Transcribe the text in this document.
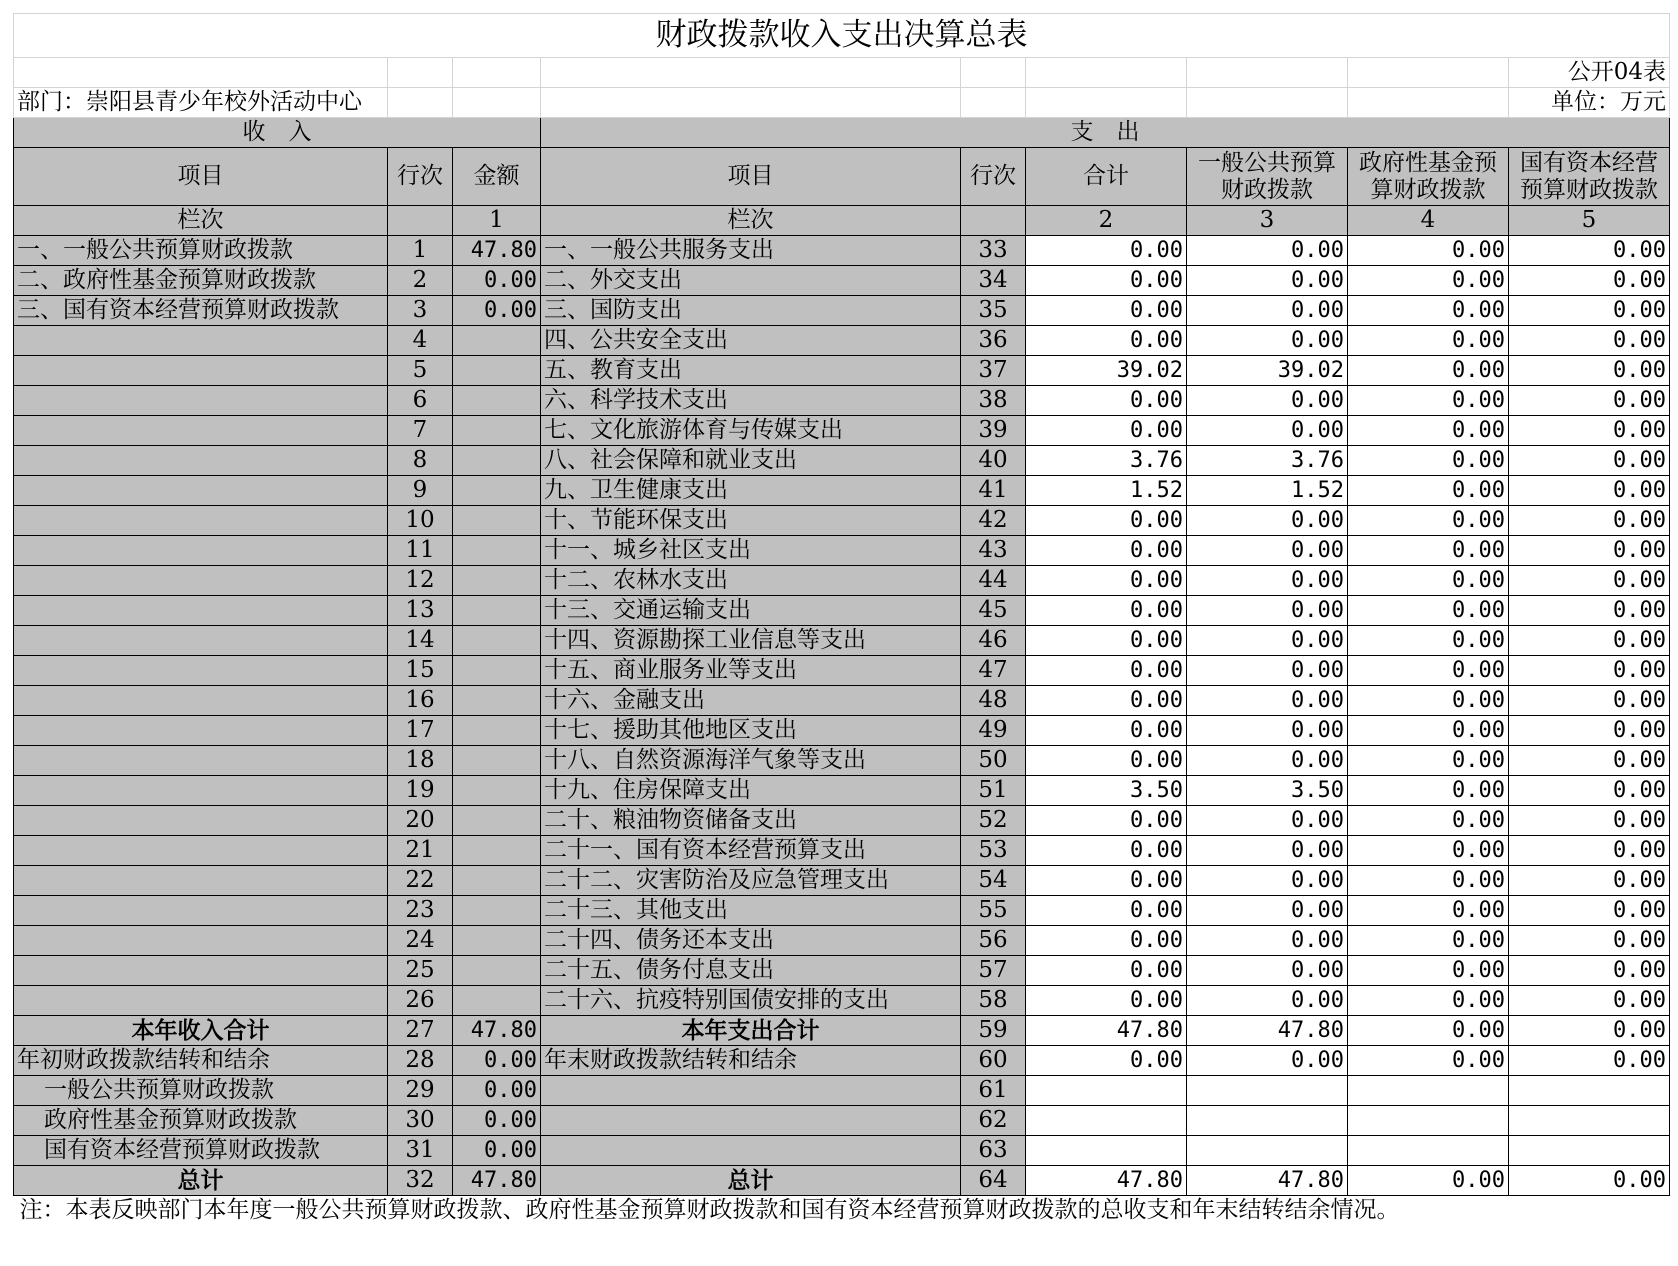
财政拨款收入支出决算总表								
								公开04表
部门：崇阳县青少年校外活动中心								单位：万元
收　入			支　出					
项目	行次	金额	项目	行次	合计	一般公共预算财政拨款	政府性基金预算财政拨款	国有资本经营预算财政拨款
栏次		1	栏次		2	3	4	5
一、一般公共预算财政拨款	1	47.80	一、一般公共服务支出	33	0.00	0.00	0.00	0.00
二、政府性基金预算财政拨款	2	0.00	二、外交支出	34	0.00	0.00	0.00	0.00
三、国有资本经营预算财政拨款	3	0.00	三、国防支出	35	0.00	0.00	0.00	0.00
	4		四、公共安全支出	36	0.00	0.00	0.00	0.00
	5		五、教育支出	37	39.02	39.02	0.00	0.00
	6		六、科学技术支出	38	0.00	0.00	0.00	0.00
	7		七、文化旅游体育与传媒支出	39	0.00	0.00	0.00	0.00
	8		八、社会保障和就业支出	40	3.76	3.76	0.00	0.00
	9		九、卫生健康支出	41	1.52	1.52	0.00	0.00
	10		十、节能环保支出	42	0.00	0.00	0.00	0.00
	11		十一、城乡社区支出	43	0.00	0.00	0.00	0.00
	12		十二、农林水支出	44	0.00	0.00	0.00	0.00
	13		十三、交通运输支出	45	0.00	0.00	0.00	0.00
	14		十四、资源勘探工业信息等支出	46	0.00	0.00	0.00	0.00
	15		十五、商业服务业等支出	47	0.00	0.00	0.00	0.00
	16		十六、金融支出	48	0.00	0.00	0.00	0.00
	17		十七、援助其他地区支出	49	0.00	0.00	0.00	0.00
	18		十八、自然资源海洋气象等支出	50	0.00	0.00	0.00	0.00
	19		十九、住房保障支出	51	3.50	3.50	0.00	0.00
	20		二十、粮油物资储备支出	52	0.00	0.00	0.00	0.00
	21		二十一、国有资本经营预算支出	53	0.00	0.00	0.00	0.00
	22		二十二、灾害防治及应急管理支出	54	0.00	0.00	0.00	0.00
	23		二十三、其他支出	55	0.00	0.00	0.00	0.00
	24		二十四、债务还本支出	56	0.00	0.00	0.00	0.00
	25		二十五、债务付息支出	57	0.00	0.00	0.00	0.00
	26		二十六、抗疫特别国债安排的支出	58	0.00	0.00	0.00	0.00
本年收入合计	27	47.80	本年支出合计	59	47.80	47.80	0.00	0.00
年初财政拨款结转和结余	28	0.00	年末财政拨款结转和结余	60	0.00	0.00	0.00	0.00
一般公共预算财政拨款	29	0.00		61				
政府性基金预算财政拨款	30	0.00		62				
国有资本经营预算财政拨款	31	0.00		63				
总计	32	47.80	总计	64	47.80	47.80	0.00	0.00
注：本表反映部门本年度一般公共预算财政拨款、政府性基金预算财政拨款和国有资本经营预算财政拨款的总收支和年末结转结余情况。								
